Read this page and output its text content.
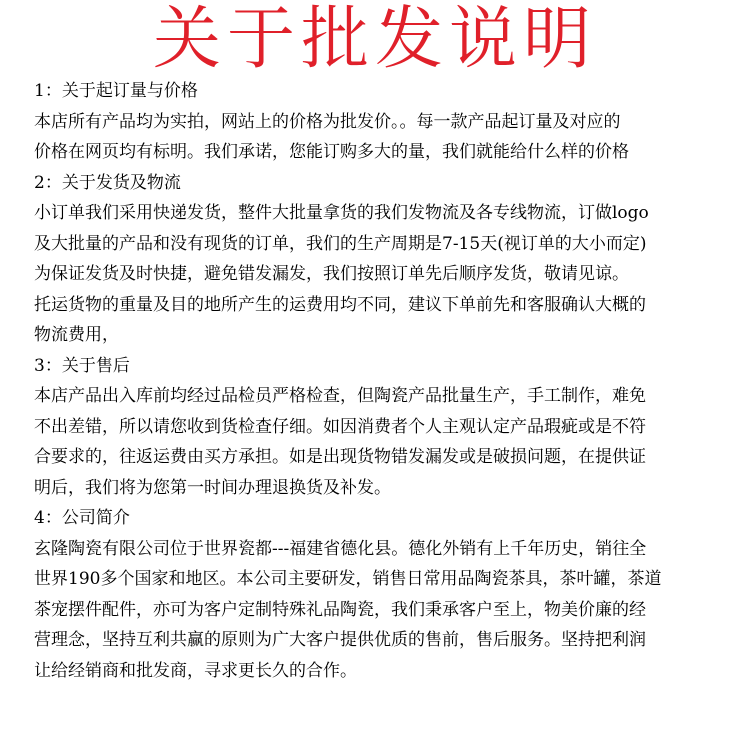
关于批发说明
1：关于起订量与价格
本店所有产品均为实拍，网站上的价格为批发价。。每一款产品起订量及对应的
价格在网页均有标明。我们承诺，您能订购多大的量，我们就能给什么样的价格
2：关于发货及物流
小订单我们采用快递发货，整件大批量拿货的我们发物流及各专线物流，订做logo
及大批量的产品和没有现货的订单，我们的生产周期是7-15天(视订单的大小而定)
为保证发货及时快捷，避免错发漏发，我们按照订单先后顺序发货，敬请见谅。
托运货物的重量及目的地所产生的运费用均不同，建议下单前先和客服确认大概的
物流费用，
3：关于售后
本店产品出入库前均经过品检员严格检查，但陶瓷产品批量生产，手工制作，难免
不出差错，所以请您收到货检查仔细。如因消费者个人主观认定产品瑕疵或是不符
合要求的，往返运费由买方承担。如是出现货物错发漏发或是破损问题，在提供证
明后，我们将为您第一时间办理退换货及补发。
4：公司简介
玄隆陶瓷有限公司位于世界瓷都---福建省德化县。德化外销有上千年历史，销往全
世界190多个国家和地区。本公司主要研发，销售日常用品陶瓷茶具，茶叶罐，茶道
茶宠摆件配件，亦可为客户定制特殊礼品陶瓷，我们秉承客户至上，物美价廉的经
营理念，坚持互利共赢的原则为广大客户提供优质的售前，售后服务。坚持把利润
让给经销商和批发商，寻求更长久的合作。
